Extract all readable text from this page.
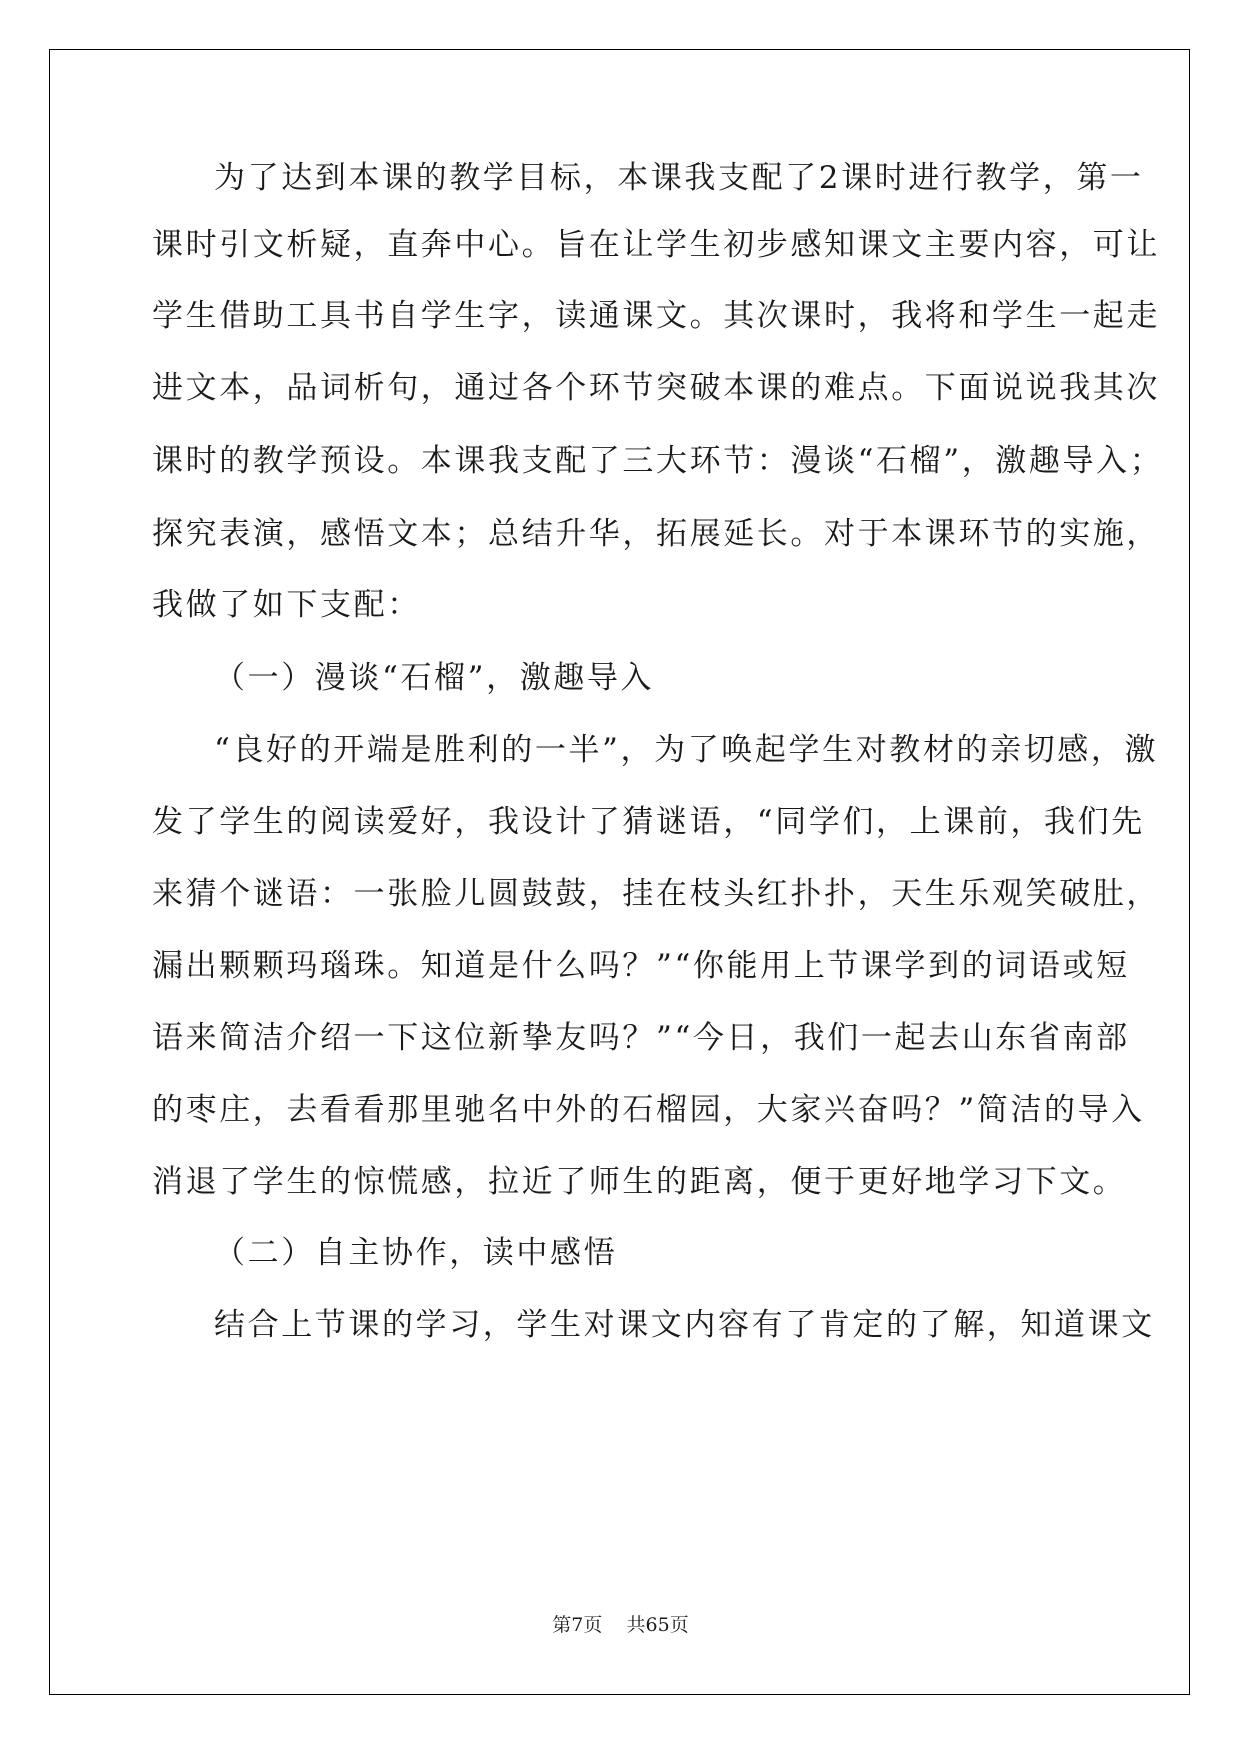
为了达到本课的教学目标，本课我支配了2课时进行教学，第一
课时引文析疑，直奔中心。旨在让学生初步感知课文主要内容，可让
学生借助工具书自学生字，读通课文。其次课时，我将和学生一起走
进文本，品词析句，通过各个环节突破本课的难点。下面说说我其次
课时的教学预设。本课我支配了三大环节：漫谈“石榴”，激趣导入；
探究表演，感悟文本；总结升华，拓展延长。对于本课环节的实施，
我做了如下支配：
（一）漫谈“石榴”，激趣导入
“良好的开端是胜利的一半”，为了唤起学生对教材的亲切感，激
发了学生的阅读爱好，我设计了猜谜语，“同学们，上课前，我们先
来猜个谜语：一张脸儿圆鼓鼓，挂在枝头红扑扑，天生乐观笑破肚，
漏出颗颗玛瑙珠。知道是什么吗？”“你能用上节课学到的词语或短
语来简洁介绍一下这位新挚友吗？”“今日，我们一起去山东省南部
的枣庄，去看看那里驰名中外的石榴园，大家兴奋吗？”简洁的导入
消退了学生的惊慌感，拉近了师生的距离，便于更好地学习下文。
（二）自主协作，读中感悟
结合上节课的学习，学生对课文内容有了肯定的了解，知道课文
第7页 共65页
